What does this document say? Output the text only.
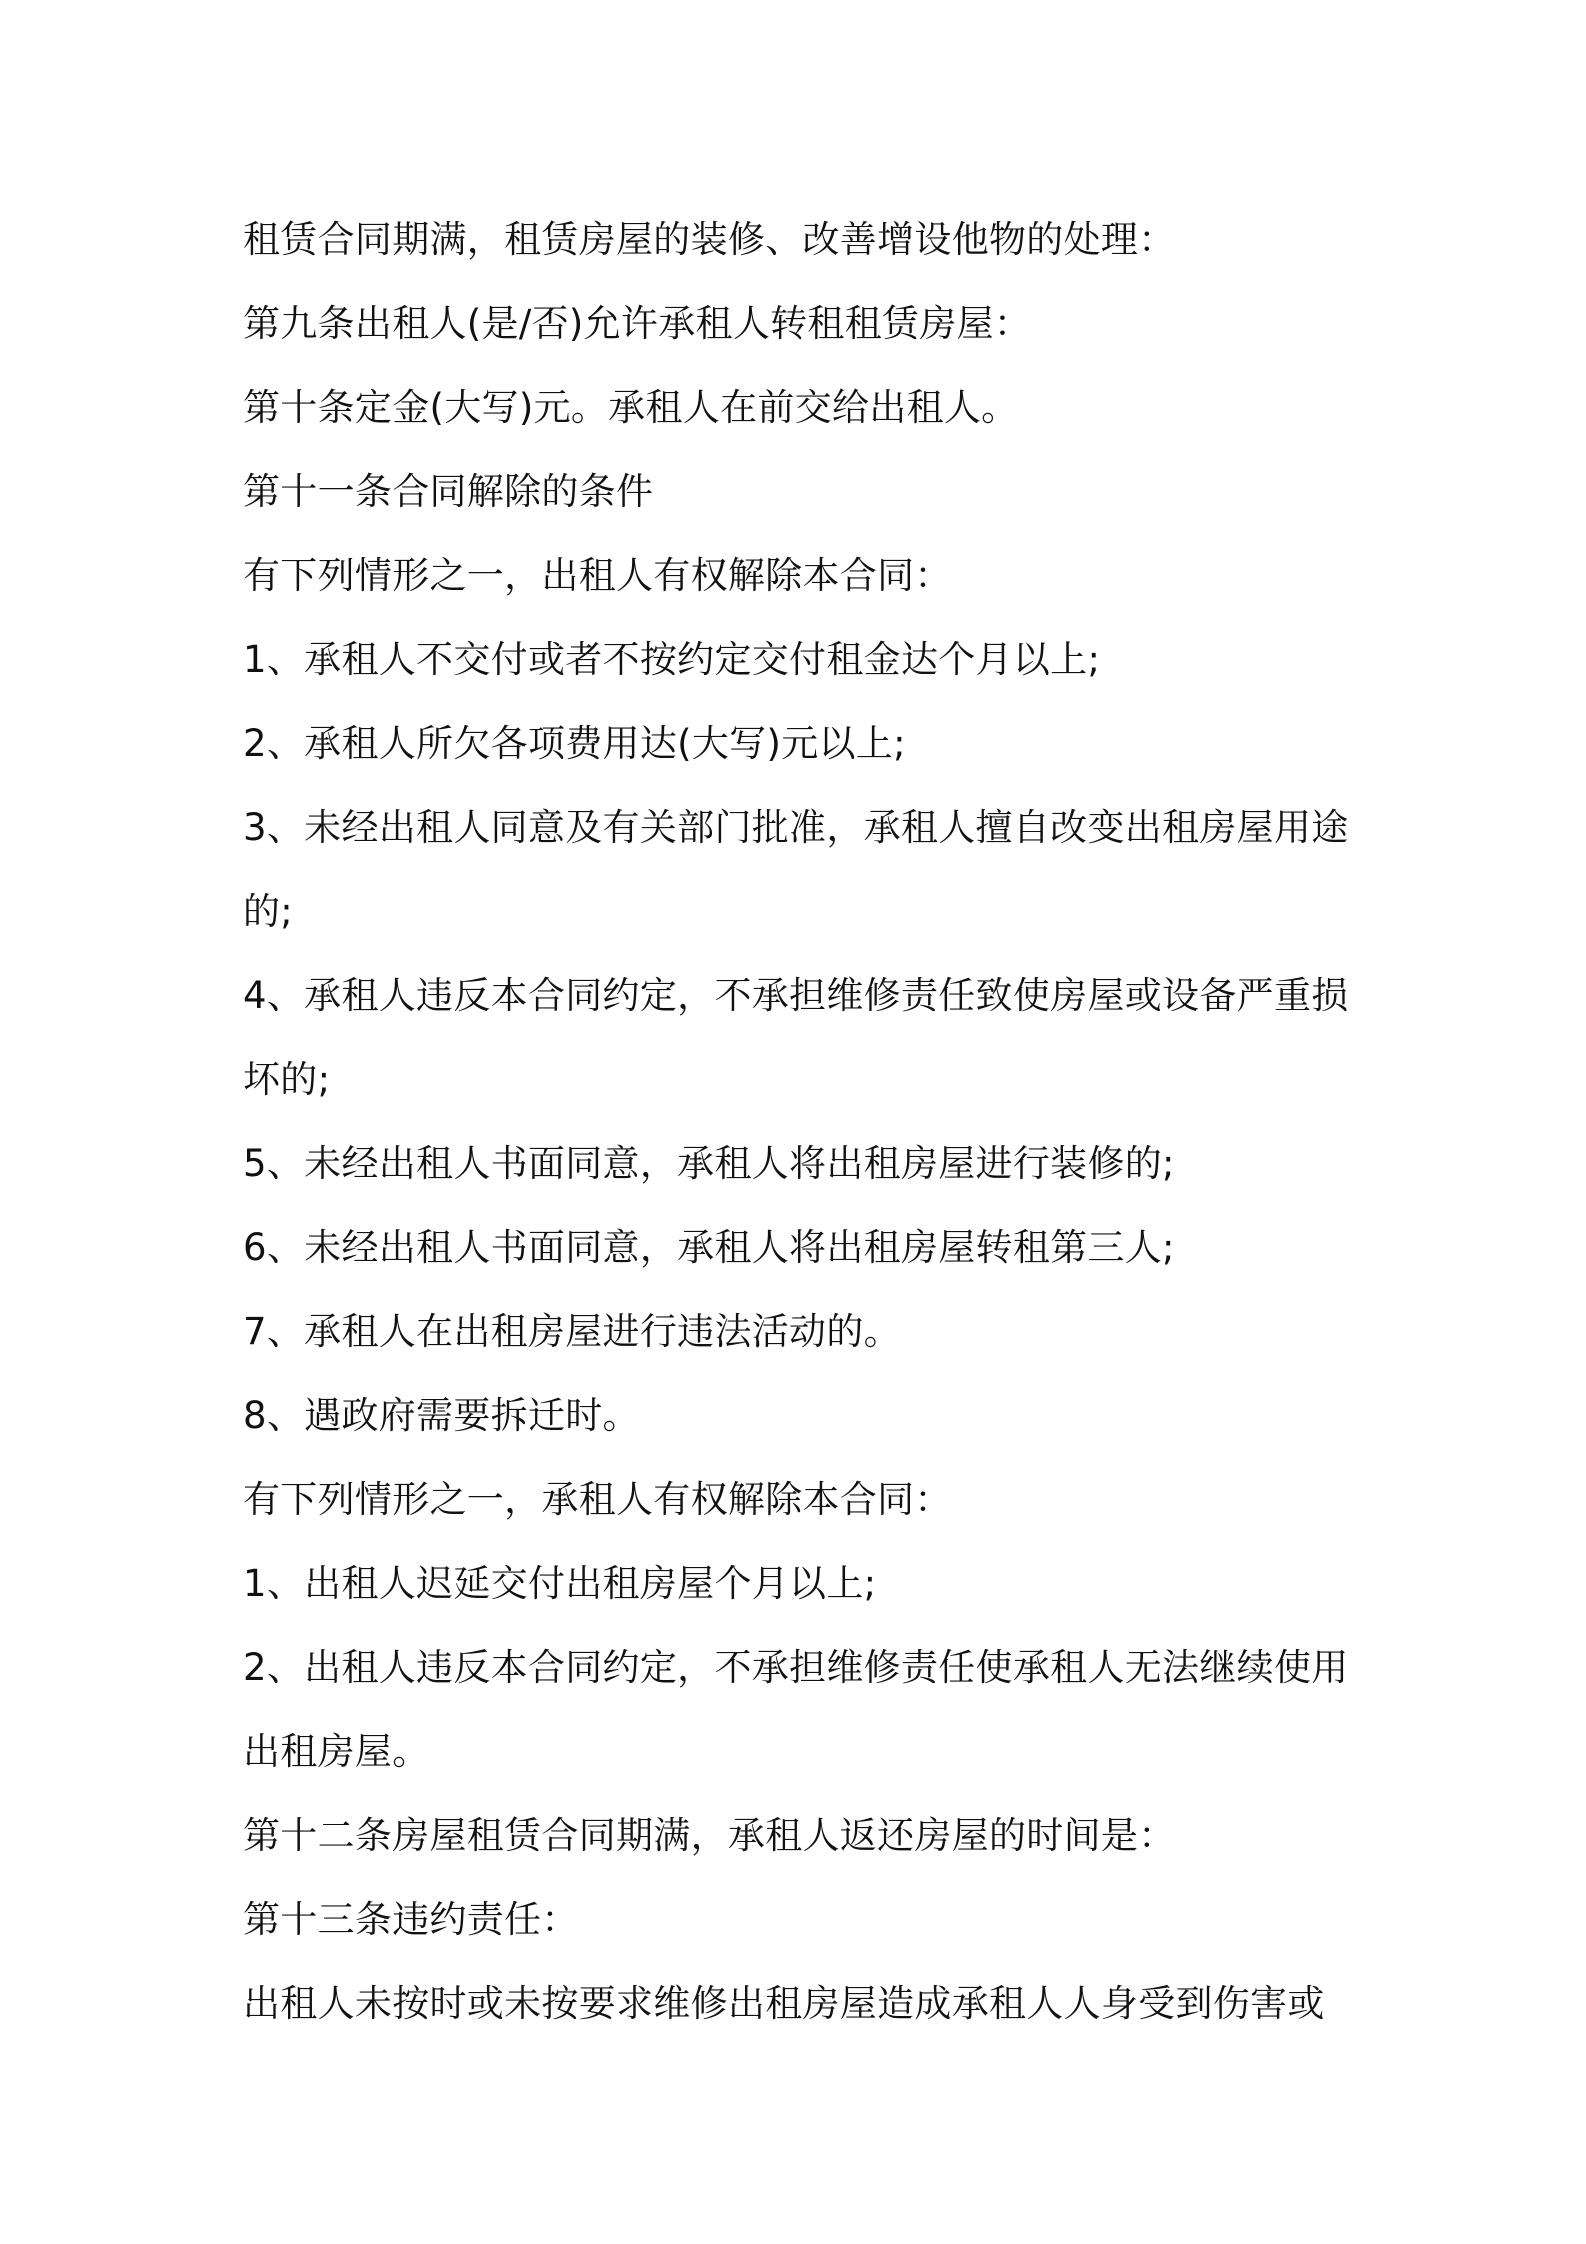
租赁合同期满，租赁房屋的装修、改善增设他物的处理：
第九条出租人(是/否)允许承租人转租租赁房屋：
第十条定金(大写)元。承租人在前交给出租人。
第十一条合同解除的条件
有下列情形之一，出租人有权解除本合同：
1、承租人不交付或者不按约定交付租金达个月以上;
2、承租人所欠各项费用达(大写)元以上;
3、未经出租人同意及有关部门批准，承租人擅自改变出租房屋用途
的;
4、承租人违反本合同约定，不承担维修责任致使房屋或设备严重损
坏的;
5、未经出租人书面同意，承租人将出租房屋进行装修的;
6、未经出租人书面同意，承租人将出租房屋转租第三人;
7、承租人在出租房屋进行违法活动的。
8、遇政府需要拆迁时。
有下列情形之一，承租人有权解除本合同：
1、出租人迟延交付出租房屋个月以上;
2、出租人违反本合同约定，不承担维修责任使承租人无法继续使用
出租房屋。
第十二条房屋租赁合同期满，承租人返还房屋的时间是：
第十三条违约责任：
出租人未按时或未按要求维修出租房屋造成承租人人身受到伤害或
